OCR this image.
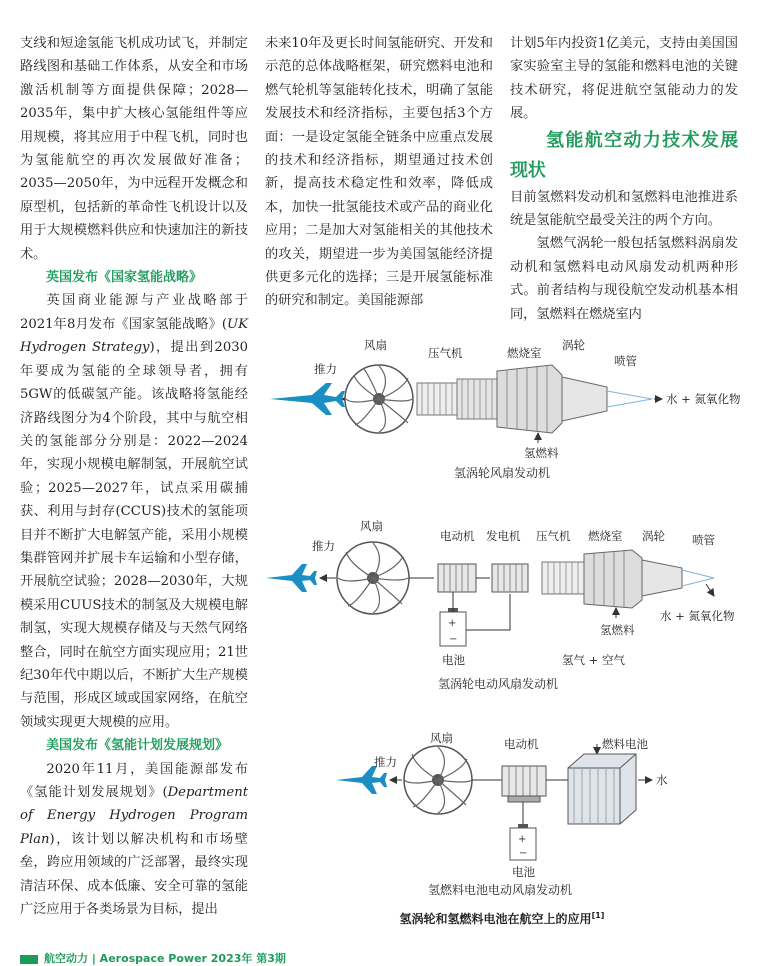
支线和短途氢能飞机成功试飞，并制定路线图和基础工作体系，从安全和市场激活机制等方面提供保障；2028—2035年，集中扩大核心氢能组件等应用规模，将其应用于中程飞机，同时也为氢能航空的再次发展做好准备；2035—2050年，为中远程开发概念和原型机，包括新的革命性飞机设计以及用于大规模燃料供应和快速加注的新技术。

英国发布《国家氢能战略》

英国商业能源与产业战略部于2021年8月发布《国家氢能战略》(UK Hydrogen Strategy)，提出到2030年要成为氢能的全球领导者，拥有5GW的低碳氢产能。该战略将氢能经济路线图分为4个阶段，其中与航空相关的氢能部分分别是：2022—2024年，实现小规模电解制氢，开展航空试验；2025—2027年，试点采用碳捕获、利用与封存(CCUS)技术的氢能项目并不断扩大电解氢产能，采用小规模集群管网并扩展卡车运输和小型存储，开展航空试验；2028—2030年，大规模采用CUUS技术的制氢及大规模电解制氢，实现大规模存储及与天然气网络整合，同时在航空方面实现应用；21世纪30年代中期以后，不断扩大生产规模与范围，形成区域或国家网络，在航空领域实现更大规模的应用。

美国发布《氢能计划发展规划》

2020年11月，美国能源部发布《氢能计划发展规划》(Department of Energy Hydrogen Program Plan)，该计划以解决机构和市场壁垒，跨应用领域的广泛部署，最终实现清洁环保、成本低廉、安全可靠的氢能广泛应用于各类场景为目标，提出

未来10年及更长时间氢能研究、开发和示范的总体战略框架，研究燃料电池和燃气轮机等氢能转化技术，明确了氢能发展技术和经济指标，主要包括3个方面：一是设定氢能全链条中应重点发展的技术和经济指标，期望通过技术创新，提高技术稳定性和效率，降低成本，加快一批氢能技术或产品的商业化应用；二是加大对氢能相关的其他技术的攻关，期望进一步为美国氢能经济提供更多元化的选择；三是开展氢能标准的研究和制定。美国能源部

计划5年内投资1亿美元，支持由美国国家实验室主导的氢能和燃料电池的关键技术研究，将促进航空氢能动力的发展。

氢能航空动力技术发展现状

目前氢燃料发动机和氢燃料电池推进系统是氢能航空最受关注的两个方向。

氢燃气涡轮一般包括氢燃料涡扇发动机和氢燃料电动风扇发动机两种形式。前者结构与现役航空发动机基本相同，氢燃料在燃烧室内

推力
风扇
压气机	燃烧室
涡轮
喷管
水 + 氮氧化物
氢燃料
氢涡轮风扇发动机
推力
风扇
电动机 发电机 压气机 燃烧室 涡轮 喷管
水 + 氮氧化物
氢燃料
+
−
电池	氢气 + 空气
氢涡轮电动风扇发动机
推力
风扇	电动机	燃料电池
水
+
−
电池
氢燃料电池电动风扇发动机
氢涡轮和氢燃料电池在航空上的应用[1]
航空动力 | Aerospace Power 2023年 第3期
